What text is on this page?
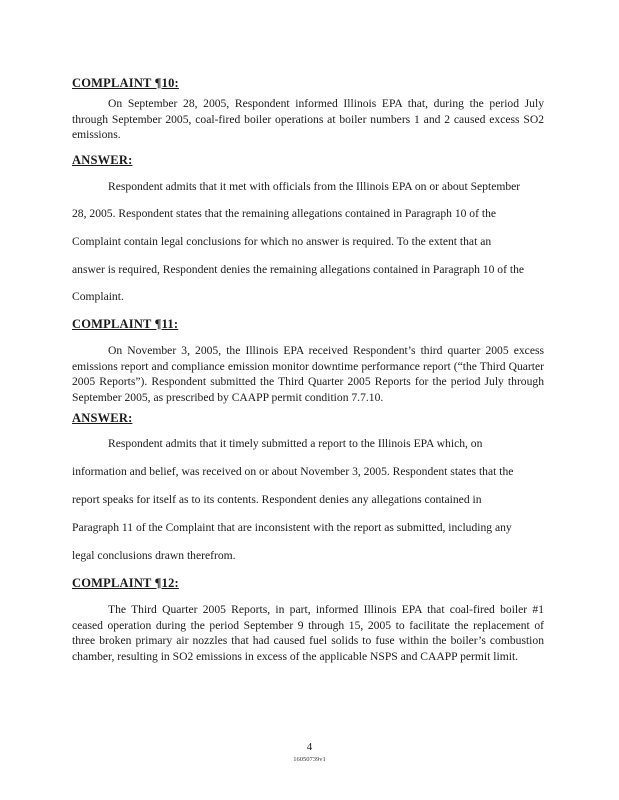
COMPLAINT ¶10:
On September 28, 2005, Respondent informed Illinois EPA that, during the period July through September 2005, coal-fired boiler operations at boiler numbers 1 and 2 caused excess SO2 emissions.
ANSWER:
Respondent admits that it met with officials from the Illinois EPA on or about September
28, 2005. Respondent states that the remaining allegations contained in Paragraph 10 of the
Complaint contain legal conclusions for which no answer is required. To the extent that an
answer is required, Respondent denies the remaining allegations contained in Paragraph 10 of the
Complaint.
COMPLAINT ¶11:
On November 3, 2005, the Illinois EPA received Respondent’s third quarter 2005 excess emissions report and compliance emission monitor downtime performance report (“the Third Quarter 2005 Reports”). Respondent submitted the Third Quarter 2005 Reports for the period July through September 2005, as prescribed by CAAPP permit condition 7.7.10.
ANSWER:
Respondent admits that it timely submitted a report to the Illinois EPA which, on
information and belief, was received on or about November 3, 2005. Respondent states that the
report speaks for itself as to its contents. Respondent denies any allegations contained in
Paragraph 11 of the Complaint that are inconsistent with the report as submitted, including any
legal conclusions drawn therefrom.
COMPLAINT ¶12:
The Third Quarter 2005 Reports, in part, informed Illinois EPA that coal-fired boiler #1 ceased operation during the period September 9 through 15, 2005 to facilitate the replacement of three broken primary air nozzles that had caused fuel solids to fuse within the boiler’s combustion chamber, resulting in SO2 emissions in excess of the applicable NSPS and CAAPP permit limit.
4
16050739v1
